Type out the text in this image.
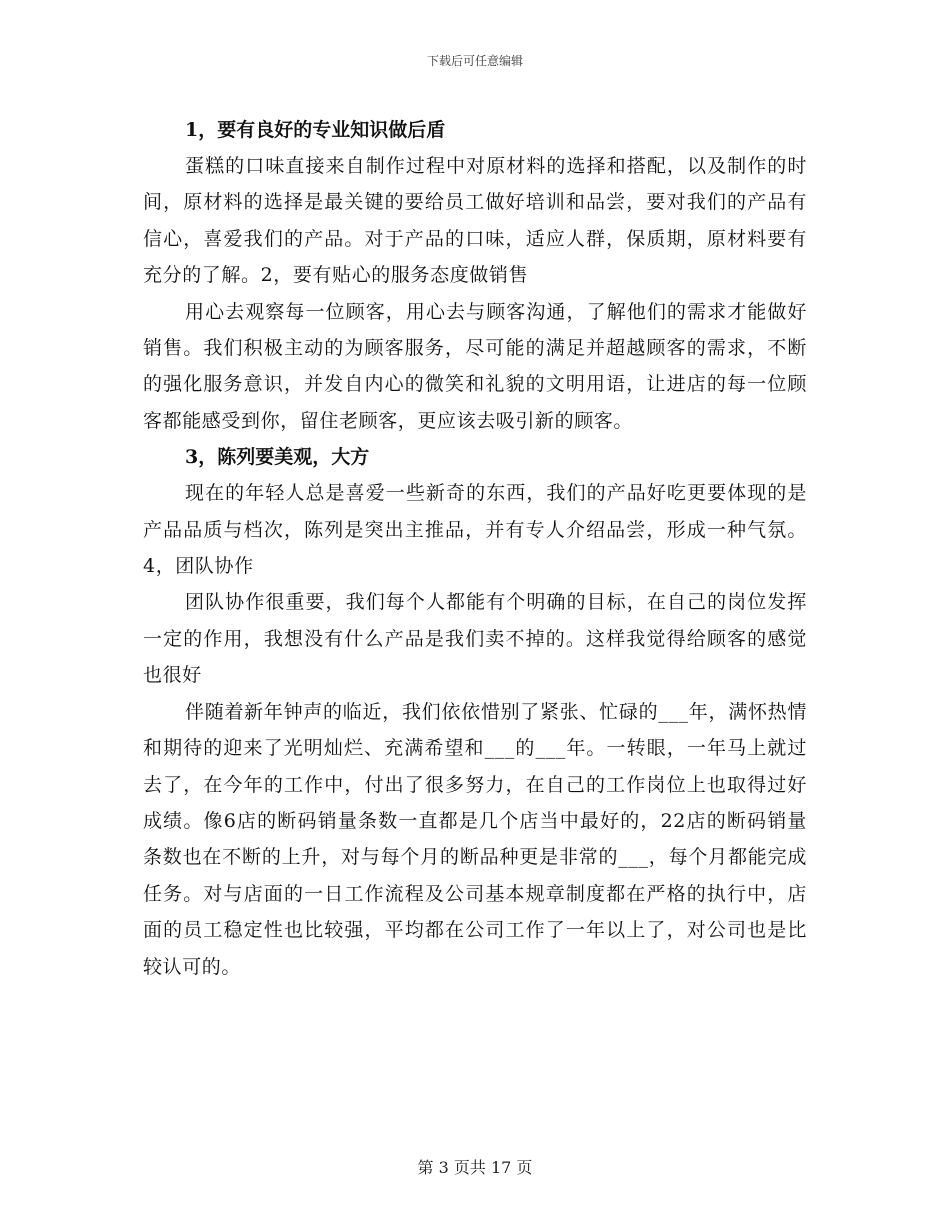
下载后可任意编辑

1，要有良好的专业知识做后盾

蛋糕的口味直接来自制作过程中对原材料的选择和搭配，以及制作的时间，原材料的选择是最关键的要给员工做好培训和品尝，要对我们的产品有信心，喜爱我们的产品。对于产品的口味，适应人群，保质期，原材料要有充分的了解。2，要有贴心的服务态度做销售

用心去观察每一位顾客，用心去与顾客沟通，了解他们的需求才能做好销售。我们积极主动的为顾客服务，尽可能的满足并超越顾客的需求，不断的强化服务意识，并发自内心的微笑和礼貌的文明用语，让进店的每一位顾客都能感受到你，留住老顾客，更应该去吸引新的顾客。

3，陈列要美观，大方

现在的年轻人总是喜爱一些新奇的东西，我们的产品好吃更要体现的是产品品质与档次，陈列是突出主推品，并有专人介绍品尝，形成一种气氛。4，团队协作

团队协作很重要，我们每个人都能有个明确的目标，在自己的岗位发挥一定的作用，我想没有什么产品是我们卖不掉的。这样我觉得给顾客的感觉也很好

伴随着新年钟声的临近，我们依依惜别了紧张、忙碌的___年，满怀热情和期待的迎来了光明灿烂、充满希望和___的___年。一转眼，一年马上就过去了，在今年的工作中，付出了很多努力，在自己的工作岗位上也取得过好成绩。像6店的断码销量条数一直都是几个店当中最好的，22店的断码销量条数也在不断的上升，对与每个月的断品种更是非常的___，每个月都能完成任务。对与店面的一日工作流程及公司基本规章制度都在严格的执行中，店面的员工稳定性也比较强，平均都在公司工作了一年以上了，对公司也是比较认可的。

第 3 页共 17 页
